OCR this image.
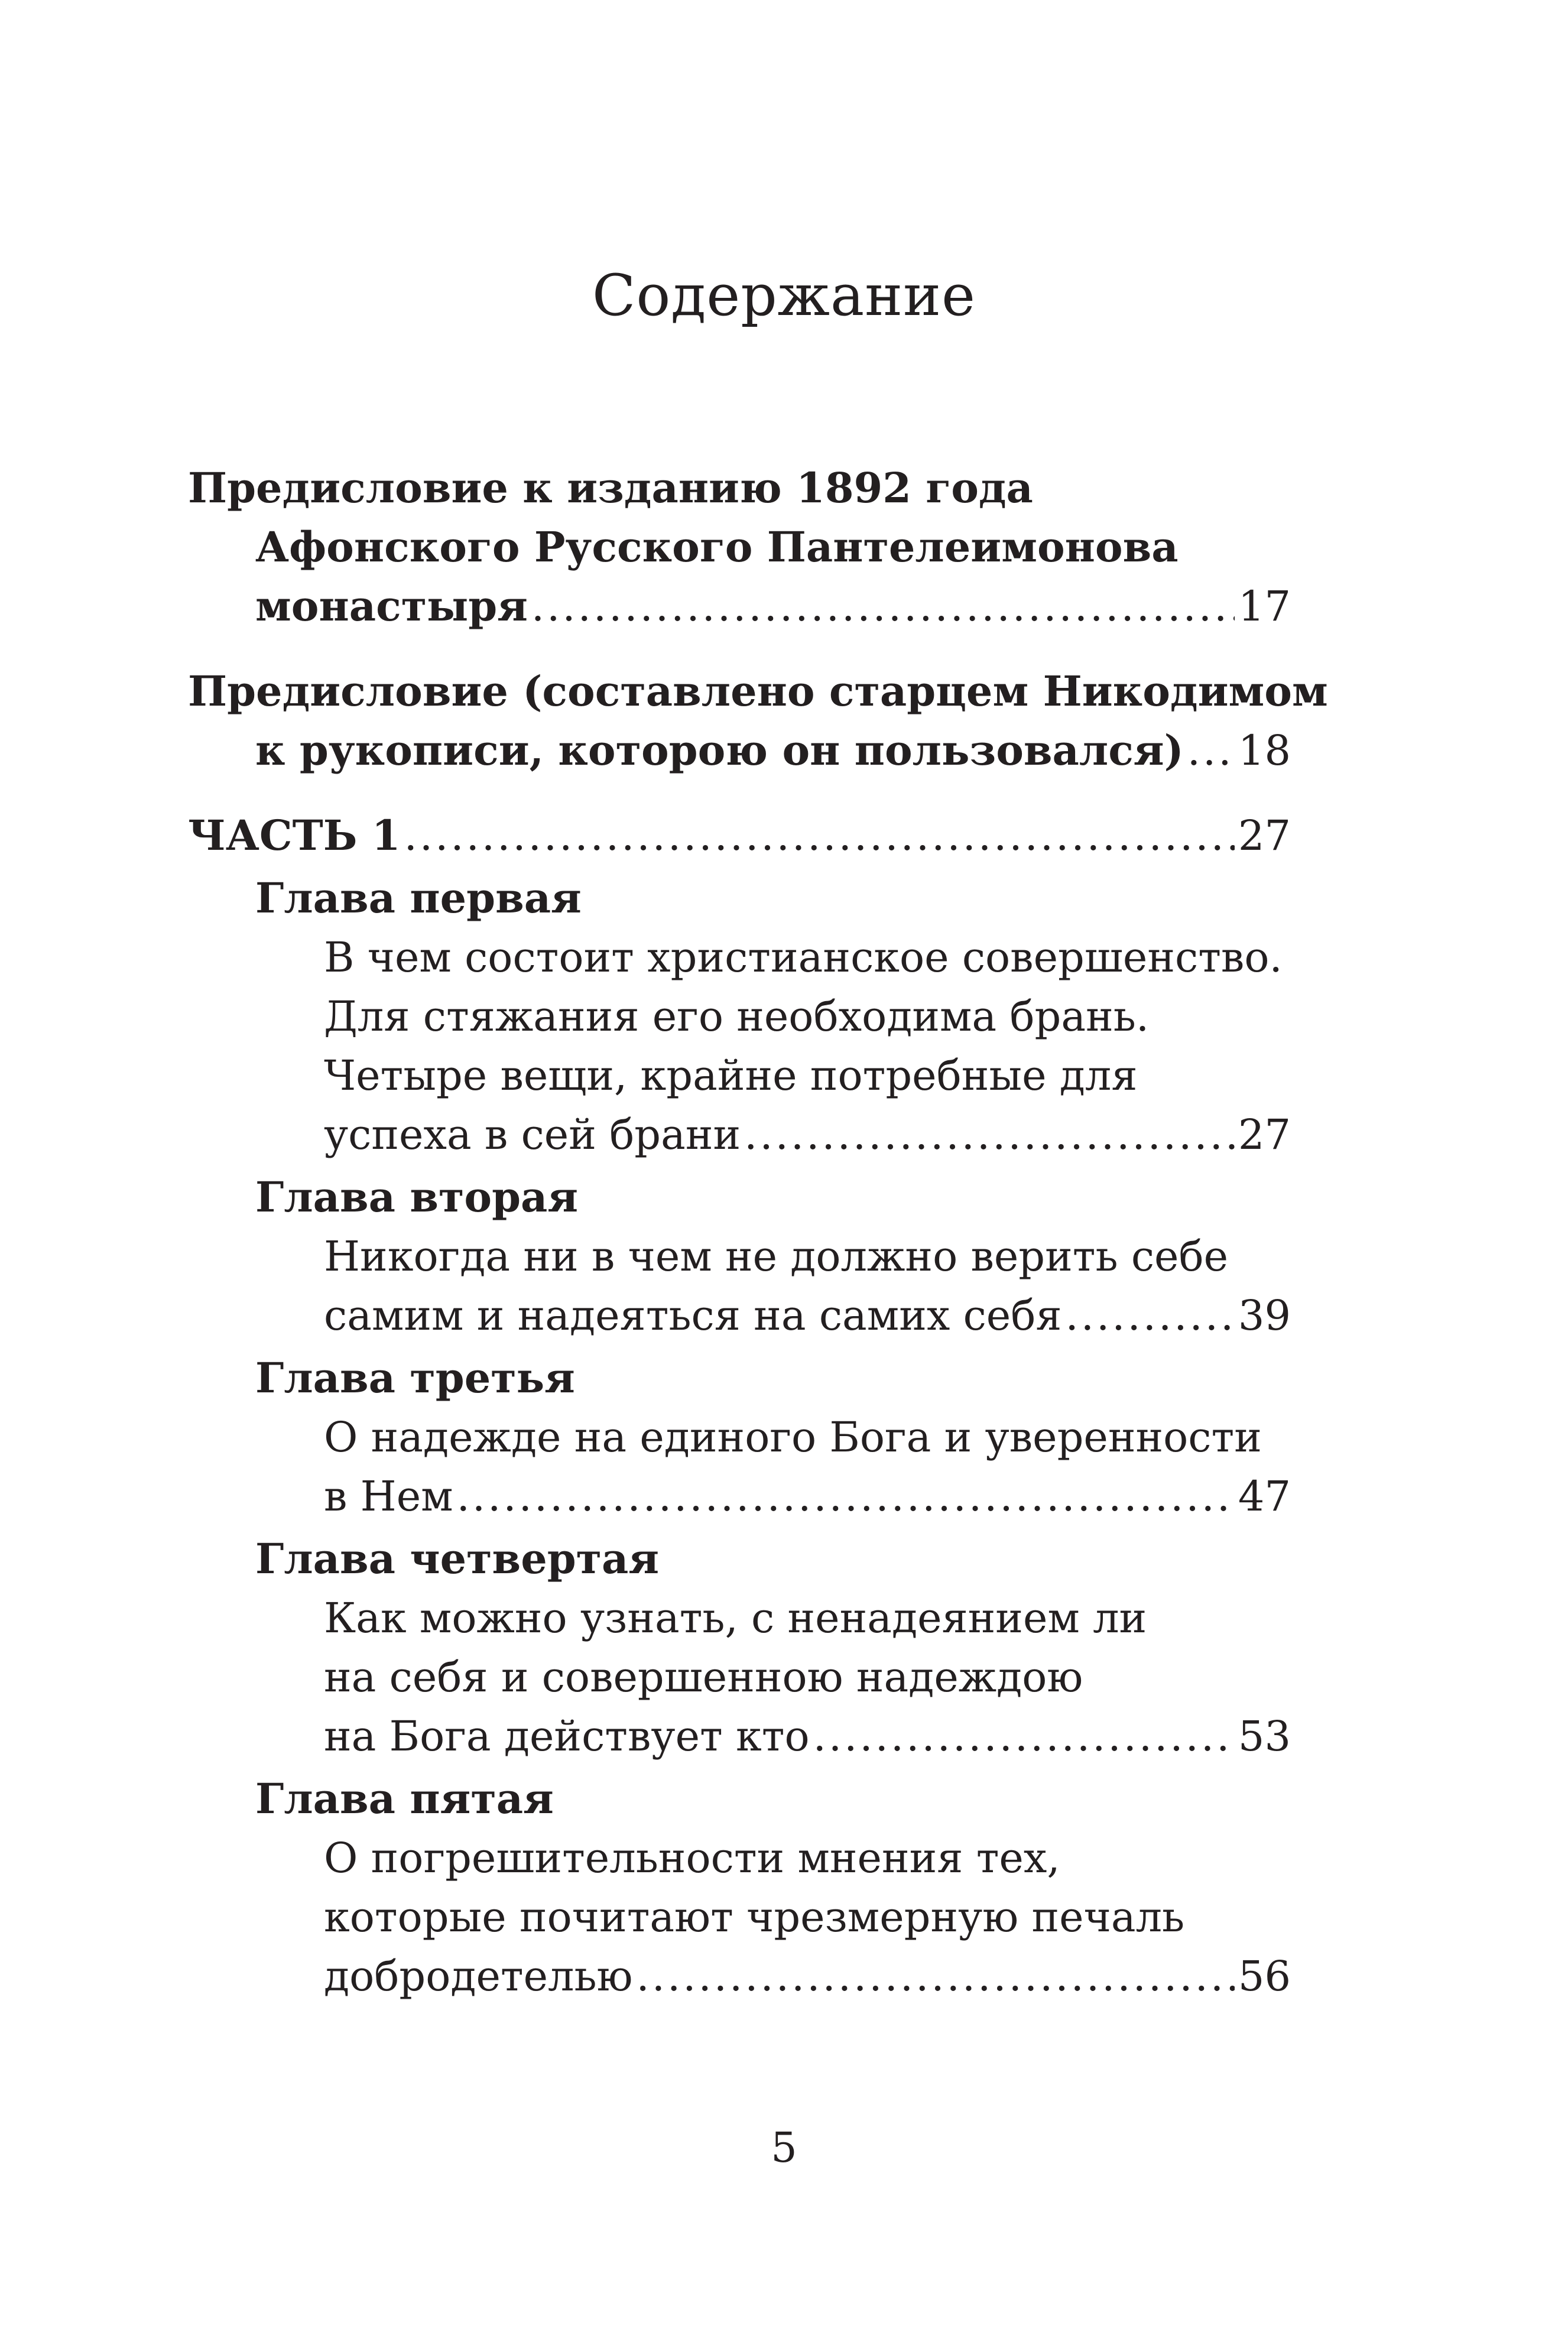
Содержание
Предисловие к изданию 1892 года
Афонского Русского Пантелеимонова
монастыря .....	17
Предисловие (составлено старцем Никодимом
к рукописи, которою он пользовался) ..... 18
ЧАСТЬ 1 .....	27
Глава первая
В чем состоит христианское совершенство.
Для стяжания его необходима брань.
Четыре вещи, крайне потребные для
успеха в сей брани .....	27
Глава вторая
Никогда ни в чем не должно верить себе
самим и надеяться на самих себя .....	39
Глава третья
О надежде на единого Бога и уверенности
в Нем .....	47
Глава четвертая
Как можно узнать, с ненадеянием ли
на себя и совершенною надеждою
на Бога действует кто .....	53
Глава пятая
О погрешительности мнения тех,
которые почитают чрезмерную печаль
добродетелью .....	56
5
